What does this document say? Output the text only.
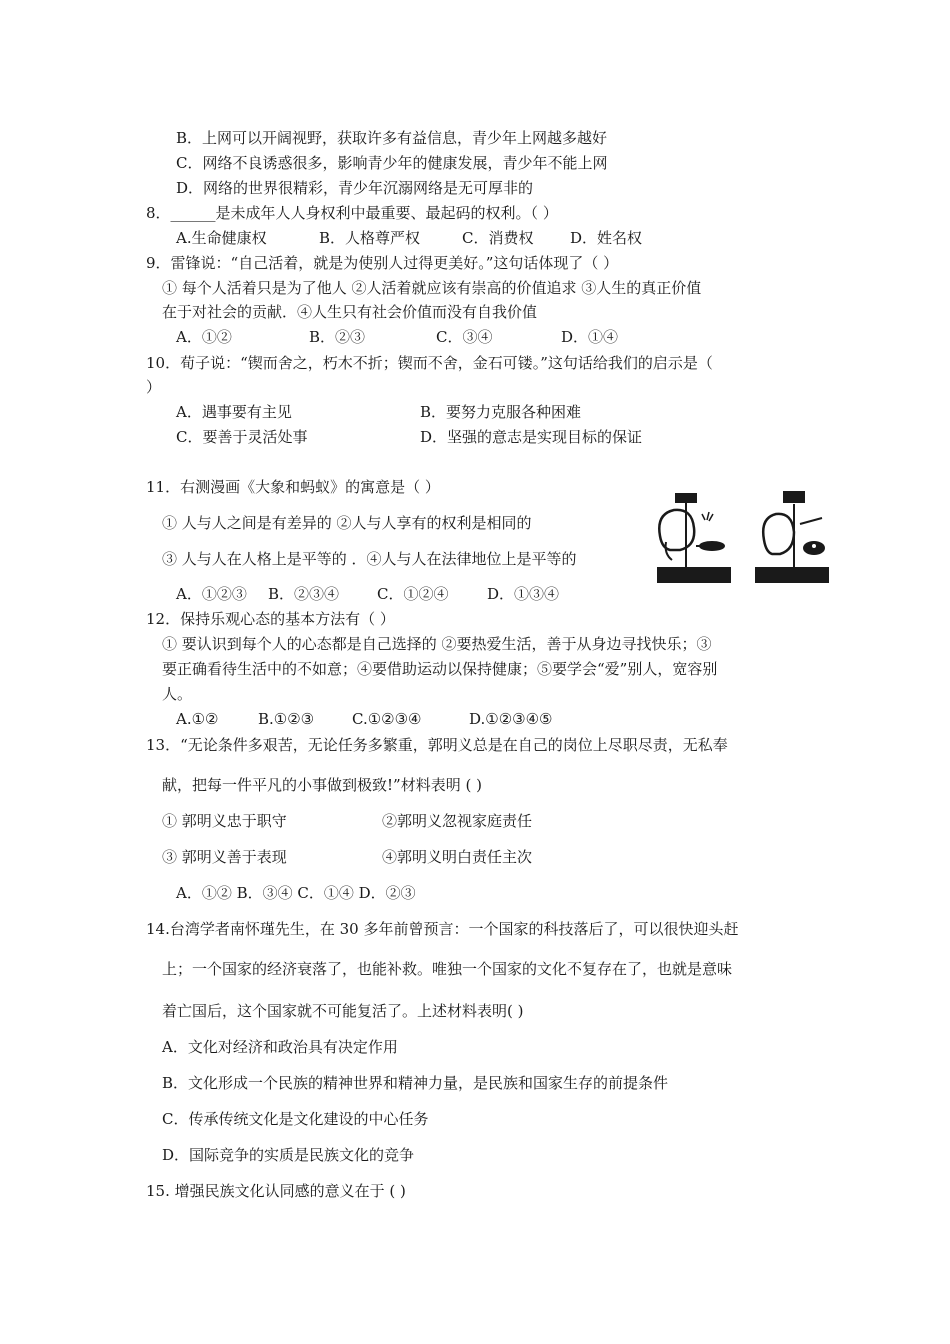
B．上网可以开阔视野，获取许多有益信息，青少年上网越多越好
C．网络不良诱惑很多，影响青少年的健康发展，青少年不能上网
D．网络的世界很精彩，青少年沉溺网络是无可厚非的
8．______是未成年人人身权利中最重要、最起码的权利。（ ）
A.生命健康权	B．人格尊严权	C．消费权 D．姓名权
9．雷锋说：“自己活着，就是为使别人过得更美好。”这句话体现了（ ）
① 每个人活着只是为了他人 ②人活着就应该有崇高的价值追求 ③人生的真正价值
在于对社会的贡献．④人生只有社会价值而没有自我价值
A．①②	B．②③	C．③④	D．①④
10．荀子说：“锲而舍之，朽木不折；锲而不舍，金石可镂。”这句话给我们的启示是（
）
A．遇事要有主见	B．要努力克服各种困难
C．要善于灵活处事	D．坚强的意志是实现目标的保证
11．右测漫画《大象和蚂蚁》的寓意是（ ）
① 人与人之间是有差异的 ②人与人享有的权利是相同的
③ 人与人在人格上是平等的 ．④人与人在法律地位上是平等的
A．①②③ B．②③④	C．①②④	D．①③④
12．保持乐观心态的基本方法有（ ）
① 要认识到每个人的心态都是自己选择的 ②要热爱生活，善于从身边寻找快乐；③
要正确看待生活中的不如意；④要借助运动以保持健康；⑤要学会“爱”别人，宽容别
人。
A.①②	B.①②③	C.①②③④	D.①②③④⑤
13．“无论条件多艰苦，无论任务多繁重，郭明义总是在自己的岗位上尽职尽责，无私奉
献，把每一件平凡的小事做到极致!”材料表明 ( )
① 郭明义忠于职守	②郭明义忽视家庭责任
③ 郭明义善于表现	④郭明义明白责任主次
A．①② B．③④ C．①④ D．②③
14.台湾学者南怀瑾先生，在 30 多年前曾预言：一个国家的科技落后了，可以很快迎头赶
上；一个国家的经济衰落了，也能补救。唯独一个国家的文化不复存在了，也就是意味
着亡国后，这个国家就不可能复活了。上述材料表明( )
A．文化对经济和政治具有决定作用
B．文化形成一个民族的精神世界和精神力量，是民族和国家生存的前提条件
C．传承传统文化是文化建设的中心任务
D．国际竞争的实质是民族文化的竞争
15. 增强民族文化认同感的意义在于 ( )
